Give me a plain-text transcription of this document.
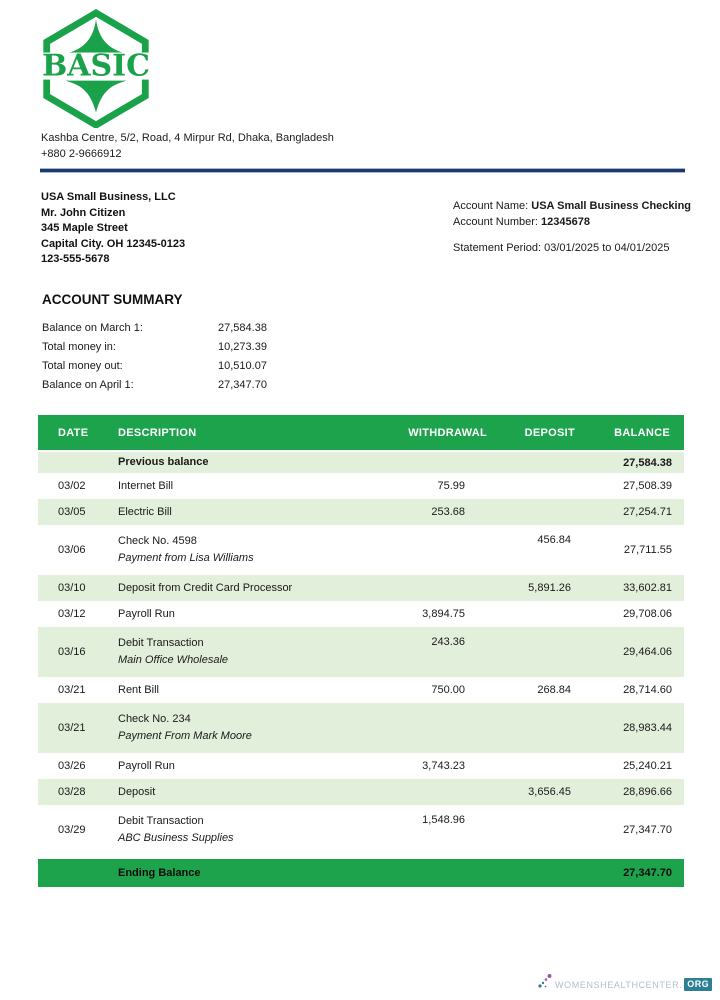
BASIC
Kashba Centre, 5/2, Road, 4 Mirpur Rd, Dhaka, Bangladesh
+880 2-9666912
USA Small Business, LLC
Mr. John Citizen
345 Maple Street
Capital City. OH 12345-0123
123-555-5678
Account Name: USA Small Business Checking
Account Number: 12345678
Statement Period: 03/01/2025 to 04/01/2025
ACCOUNT SUMMARY
Balance on March 1:	27,584.38
Total money in:	10,273.39
Total money out:	10,510.07
Balance on April 1:	27,347.70
DATE	DESCRIPTION	WITHDRAWAL	DEPOSIT	BALANCE
	Previous balance			27,584.38
03/02	Internet Bill	75.99		27,508.39
03/05	Electric Bill	253.68		27,254.71
03/06	Check No. 4598
Payment from Lisa Williams		456.84	27,711.55
03/10	Deposit from Credit Card Processor		5,891.26	33,602.81
03/12	Payroll Run	3,894.75		29,708.06
03/16	Debit Transaction
Main Office Wholesale	243.36		29,464.06
03/21	Rent Bill	750.00	268.84	28,714.60
03/21	Check No. 234
Payment From Mark Moore			28,983.44
03/26	Payroll Run	3,743.23		25,240.21
03/28	Deposit		3,656.45	28,896.66
03/29	Debit Transaction
ABC Business Supplies	1,548.96		27,347.70

	Ending Balance			27,347.70
WOMENSHEALTHCENTER. ORG
